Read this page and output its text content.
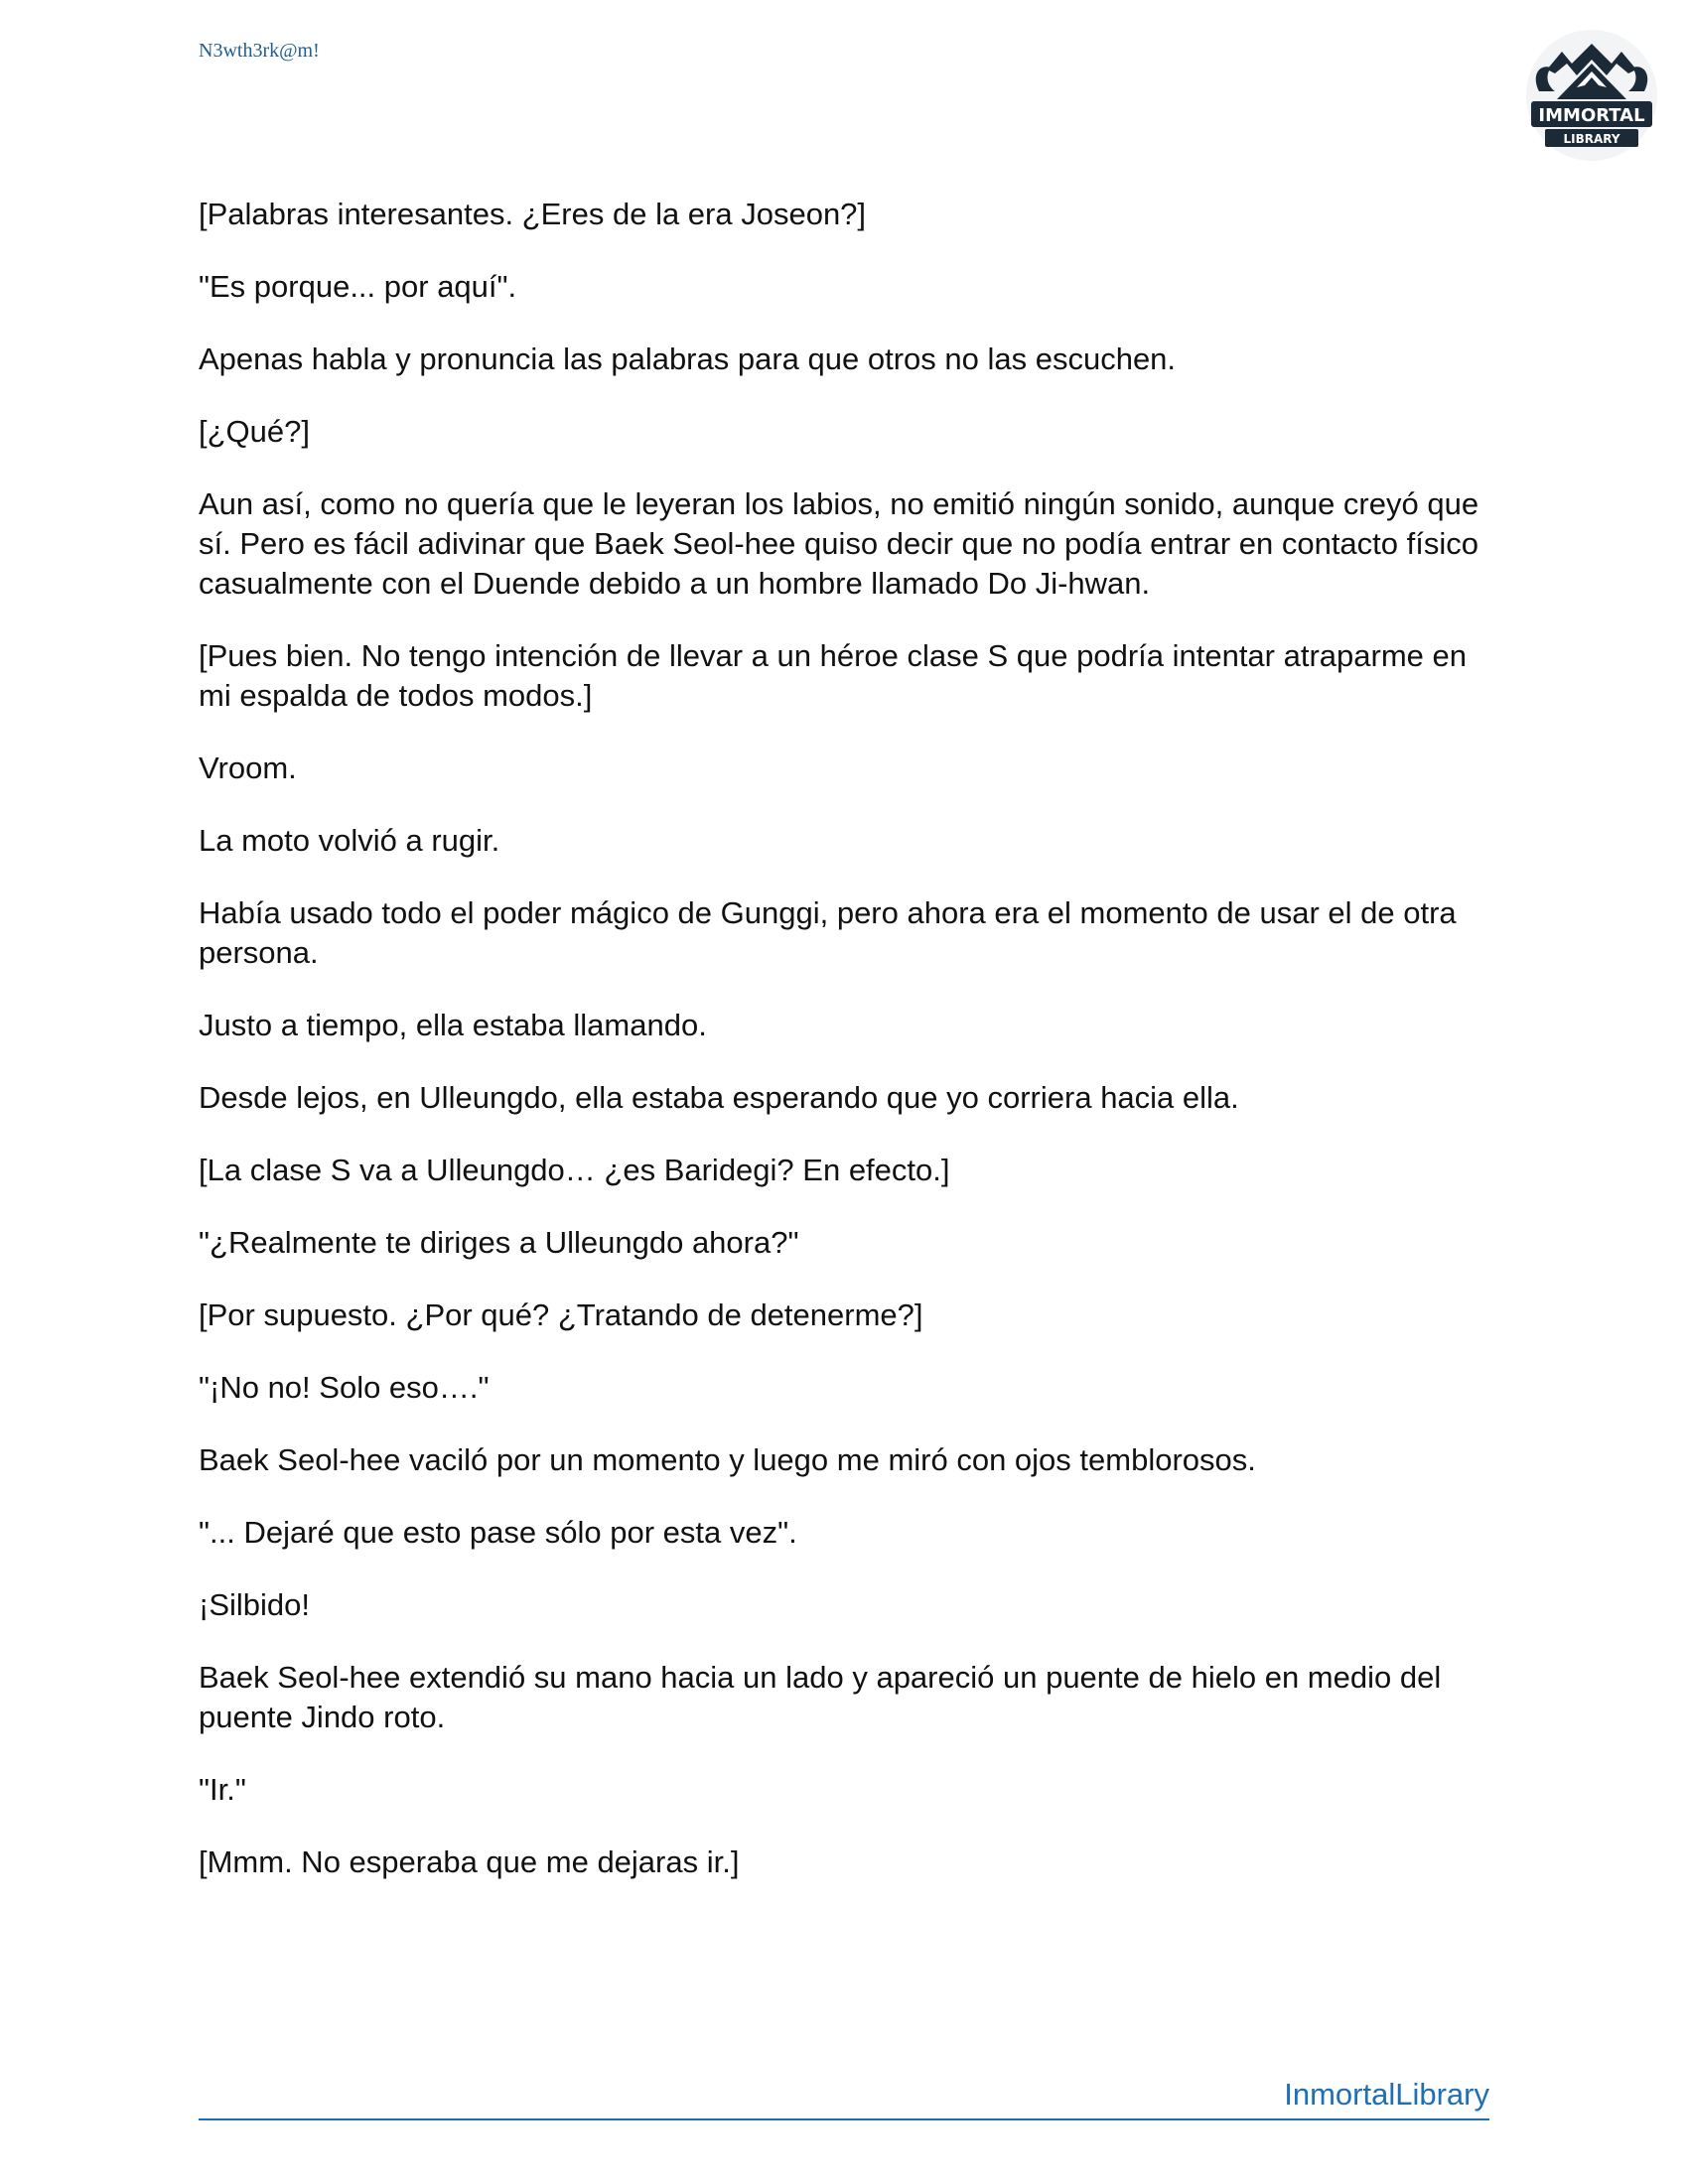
N3wth3rk@m!
IMMORTAL
LIBRARY

[Palabras interesantes. ¿Eres de la era Joseon?]

"Es porque... por aquí".

Apenas habla y pronuncia las palabras para que otros no las escuchen.

[¿Qué?]

Aun así, como no quería que le leyeran los labios, no emitió ningún sonido, aunque creyó que sí. Pero es fácil adivinar que Baek Seol-hee quiso decir que no podía entrar en contacto físico casualmente con el Duende debido a un hombre llamado Do Ji-hwan.

[Pues bien. No tengo intención de llevar a un héroe clase S que podría intentar atraparme en mi espalda de todos modos.]

Vroom.

La moto volvió a rugir.

Había usado todo el poder mágico de Gunggi, pero ahora era el momento de usar el de otra persona.

Justo a tiempo, ella estaba llamando.

Desde lejos, en Ulleungdo, ella estaba esperando que yo corriera hacia ella.

[La clase S va a Ulleungdo… ¿es Baridegi? En efecto.]

"¿Realmente te diriges a Ulleungdo ahora?"

[Por supuesto. ¿Por qué? ¿Tratando de detenerme?]

"¡No no! Solo eso…."

Baek Seol-hee vaciló por un momento y luego me miró con ojos temblorosos.

"... Dejaré que esto pase sólo por esta vez".

¡Silbido!

Baek Seol-hee extendió su mano hacia un lado y apareció un puente de hielo en medio del puente Jindo roto.

"Ir."

[Mmm. No esperaba que me dejaras ir.]

InmortalLibrary
